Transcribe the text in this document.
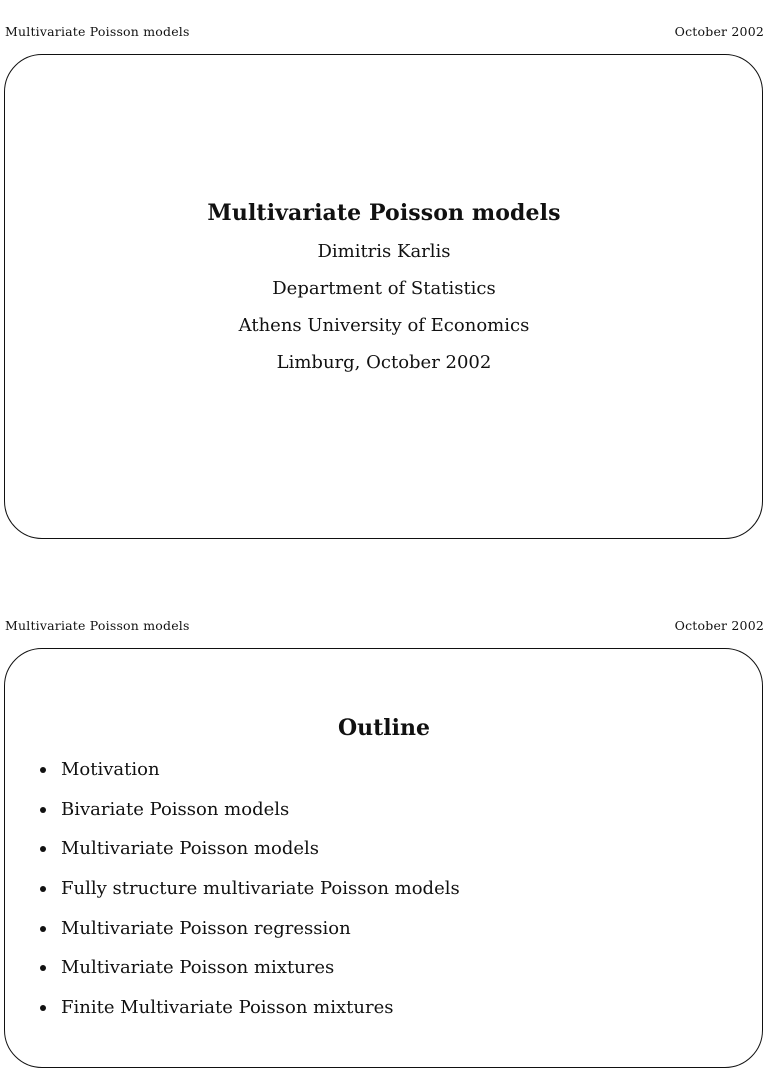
Multivariate Poisson models	October 2002
Multivariate Poisson models
Dimitris Karlis
Department of Statistics
Athens University of Economics
Limburg, October 2002
Multivariate Poisson models	October 2002
Outline
Motivation
Bivariate Poisson models
Multivariate Poisson models
Fully structure multivariate Poisson models
Multivariate Poisson regression
Multivariate Poisson mixtures
Finite Multivariate Poisson mixtures
